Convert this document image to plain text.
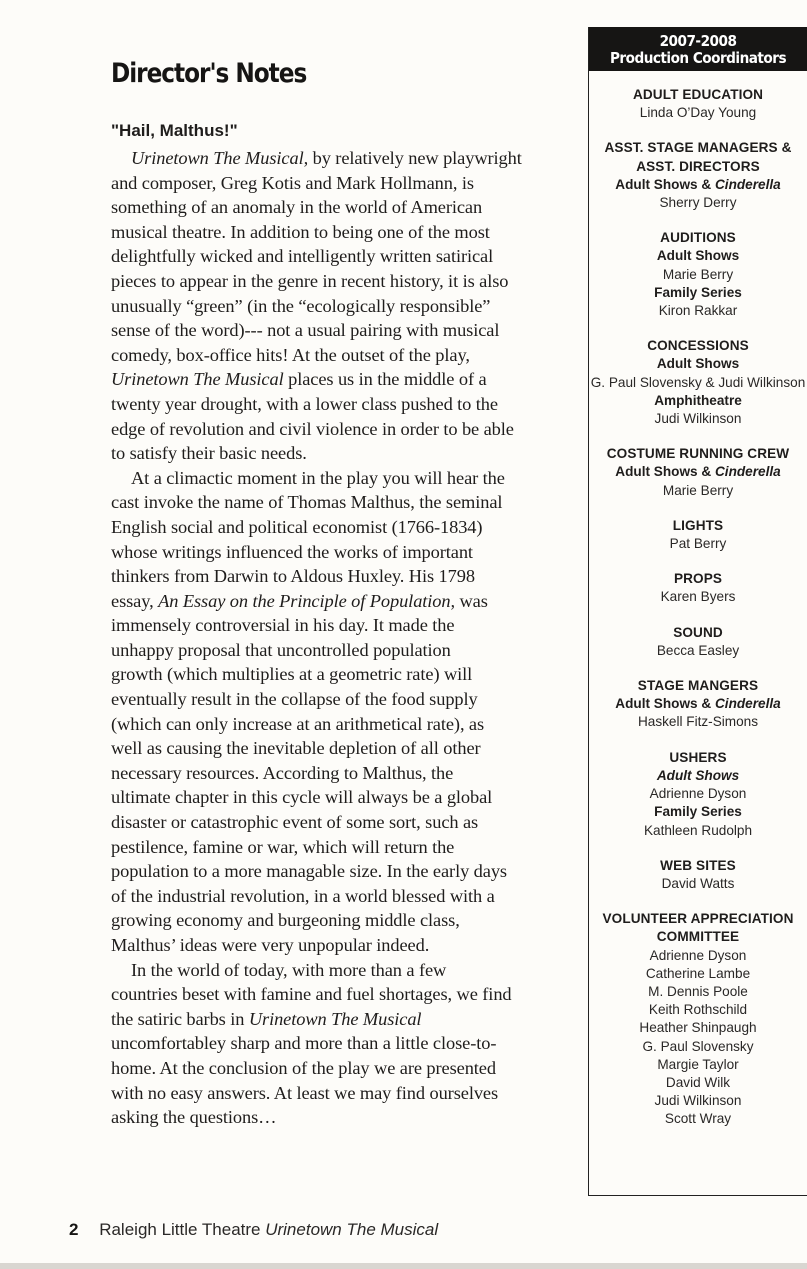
Director's Notes
"Hail, Malthus!"

Urinetown The Musical, by relatively new playwright
and composer, Greg Kotis and Mark Hollmann, is
something of an anomaly in the world of American
musical theatre. In addition to being one of the most
delightfully wicked and intelligently written satirical
pieces to appear in the genre in recent history, it is also
unusually “green” (in the “ecologically responsible”
sense of the word)--- not a usual pairing with musical
comedy, box-office hits! At the outset of the play,
Urinetown The Musical places us in the middle of a
twenty year drought, with a lower class pushed to the
edge of revolution and civil violence in order to be able
to satisfy their basic needs.

At a climactic moment in the play you will hear the
cast invoke the name of Thomas Malthus, the seminal
English social and political economist (1766-1834)
whose writings influenced the works of important
thinkers from Darwin to Aldous Huxley. His 1798
essay, An Essay on the Principle of Population, was
immensely controversial in his day. It made the
unhappy proposal that uncontrolled population
growth (which multiplies at a geometric rate) will
eventually result in the collapse of the food supply
(which can only increase at an arithmetical rate), as
well as causing the inevitable depletion of all other
necessary resources. According to Malthus, the
ultimate chapter in this cycle will always be a global
disaster or catastrophic event of some sort, such as
pestilence, famine or war, which will return the
population to a more managable size. In the early days
of the industrial revolution, in a world blessed with a
growing economy and burgeoning middle class,
Malthus’ ideas were very unpopular indeed.

In the world of today, with more than a few
countries beset with famine and fuel shortages, we find
the satiric barbs in Urinetown The Musical
uncomfortabley sharp and more than a little close-to-
home. At the conclusion of the play we are presented
with no easy answers. At least we may find ourselves
asking the questions…

2007-2008
Production Coordinators
ADULT EDUCATION
Linda O’Day Young
ASST. STAGE MANAGERS &
ASST. DIRECTORS
Adult Shows & Cinderella
Sherry Derry
AUDITIONS
Adult Shows
Marie Berry
Family Series
Kiron Rakkar
CONCESSIONS
Adult Shows
G. Paul Slovensky & Judi Wilkinson
Amphitheatre
Judi Wilkinson
COSTUME RUNNING CREW
Adult Shows & Cinderella
Marie Berry
LIGHTS
Pat Berry
PROPS
Karen Byers
SOUND
Becca Easley
STAGE MANGERS
Adult Shows & Cinderella
Haskell Fitz-Simons
USHERS
Adult Shows
Adrienne Dyson
Family Series
Kathleen Rudolph
WEB SITES
David Watts
VOLUNTEER APPRECIATION
COMMITTEE
Adrienne Dyson
Catherine Lambe
M. Dennis Poole
Keith Rothschild
Heather Shinpaugh
G. Paul Slovensky
Margie Taylor
David Wilk
Judi Wilkinson
Scott Wray
2 Raleigh Little Theatre Urinetown The Musical
